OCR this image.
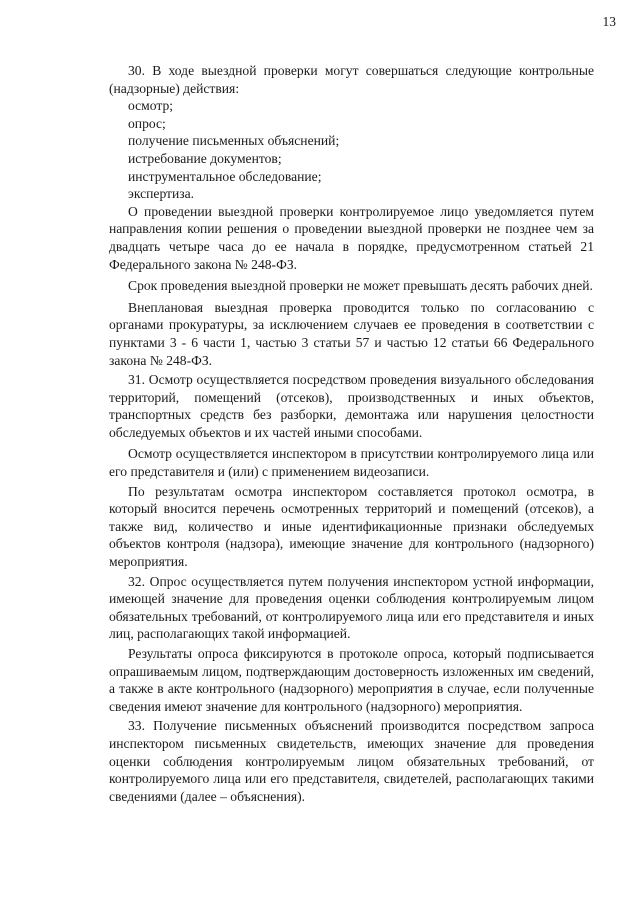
13

30. В ходе выездной проверки могут совершаться следующие контрольные (надзорные) действия:

осмотр;

опрос;

получение письменных объяснений;

истребование документов;

инструментальное обследование;

экспертиза.

О проведении выездной проверки контролируемое лицо уведомляется путем направления копии решения о проведении выездной проверки не позднее чем за двадцать четыре часа до ее начала в порядке, предусмотренном статьей 21 Федерального закона № 248-ФЗ.

Срок проведения выездной проверки не может превышать десять рабочих дней.

Внеплановая выездная проверка проводится только по согласованию с органами прокуратуры, за исключением случаев ее проведения в соответствии с пунктами 3 - 6 части 1, частью 3 статьи 57 и частью 12 статьи 66 Федерального закона № 248-ФЗ.

31. Осмотр осуществляется посредством проведения визуального обследования территорий, помещений (отсеков), производственных и иных объектов, транспортных средств без разборки, демонтажа или нарушения целостности обследуемых объектов и их частей иными способами.

Осмотр осуществляется инспектором в присутствии контролируемого лица или его представителя и (или) с применением видеозаписи.

По результатам осмотра инспектором составляется протокол осмотра, в который вносится перечень осмотренных территорий и помещений (отсеков), а также вид, количество и иные идентификационные признаки обследуемых объектов контроля (надзора), имеющие значение для контрольного (надзорного) мероприятия.

32. Опрос осуществляется путем получения инспектором устной информации, имеющей значение для проведения оценки соблюдения контролируемым лицом обязательных требований, от контролируемого лица или его представителя и иных лиц, располагающих такой информацией.

Результаты опроса фиксируются в протоколе опроса, который подписывается опрашиваемым лицом, подтверждающим достоверность изложенных им сведений, а также в акте контрольного (надзорного) мероприятия в случае, если полученные сведения имеют значение для контрольного (надзорного) мероприятия.

33. Получение письменных объяснений производится посредством запроса инспектором письменных свидетельств, имеющих значение для проведения оценки соблюдения контролируемым лицом обязательных требований, от контролируемого лица или его представителя, свидетелей, располагающих такими сведениями (далее – объяснения).
